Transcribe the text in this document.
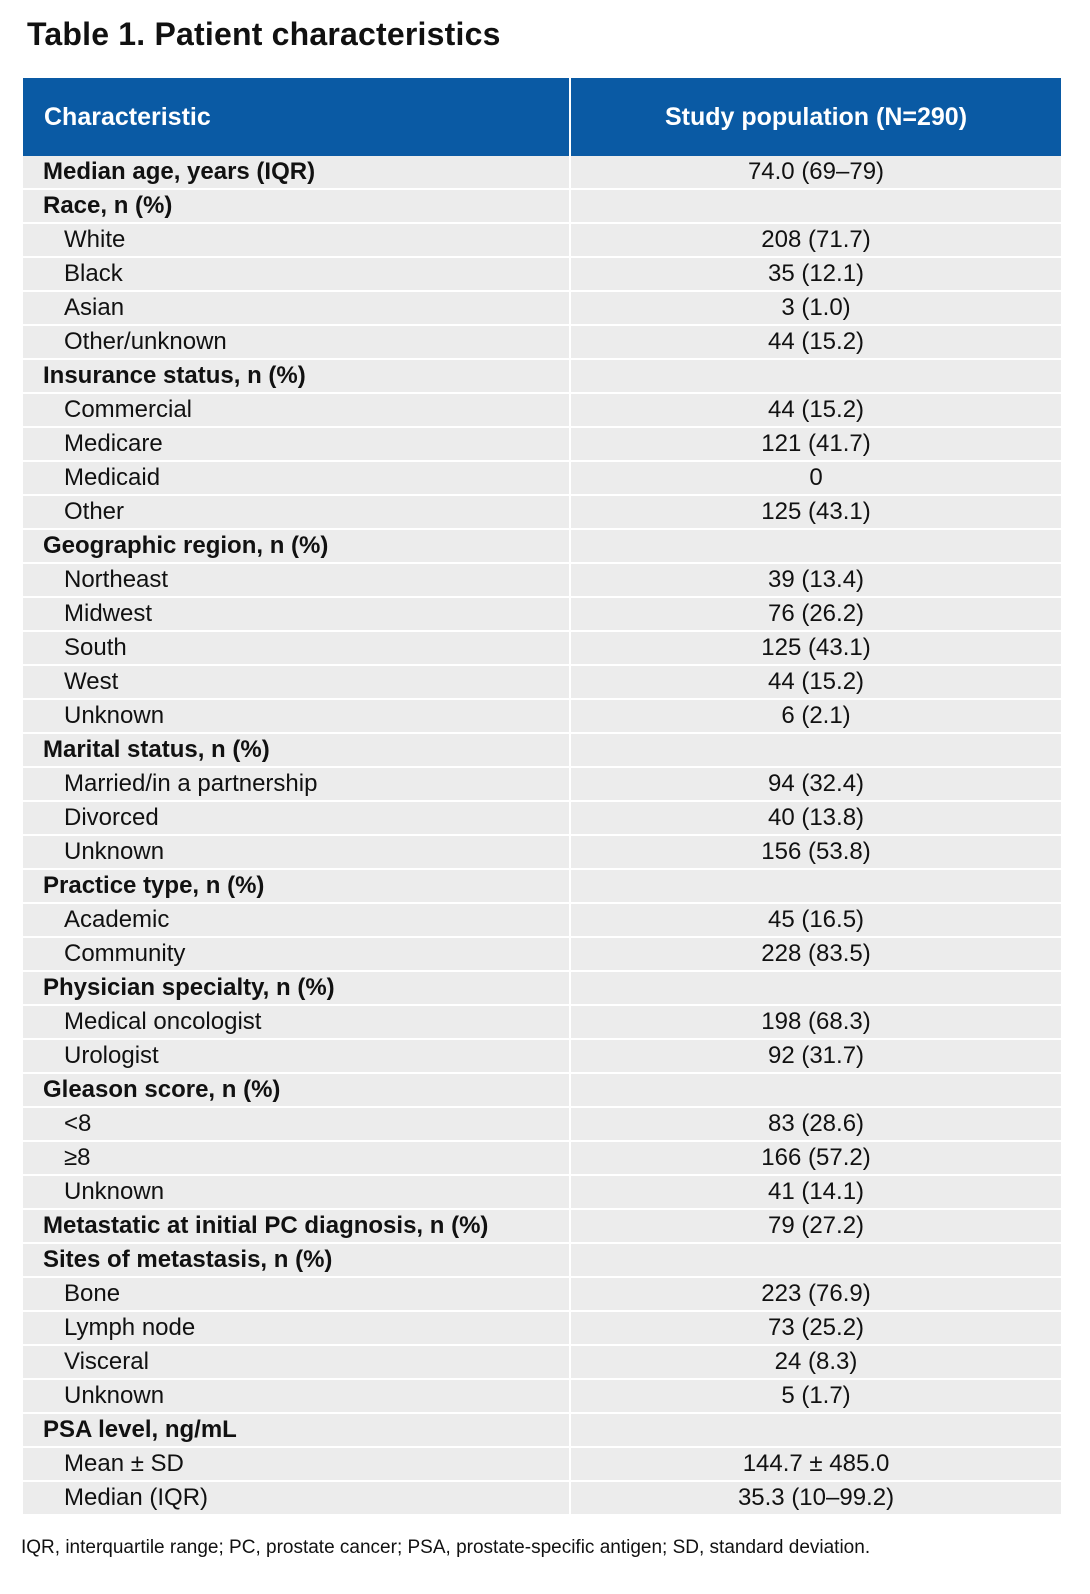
Table 1. Patient characteristics
Characteristic	Study population (N=290)
Median age, years (IQR)	74.0 (69–79)
Race, n (%)	
White	208 (71.7)
Black	35 (12.1)
Asian	3 (1.0)
Other/unknown	44 (15.2)
Insurance status, n (%)	
Commercial	44 (15.2)
Medicare	121 (41.7)
Medicaid	0
Other	125 (43.1)
Geographic region, n (%)	
Northeast	39 (13.4)
Midwest	76 (26.2)
South	125 (43.1)
West	44 (15.2)
Unknown	6 (2.1)
Marital status, n (%)	
Married/in a partnership	94 (32.4)
Divorced	40 (13.8)
Unknown	156 (53.8)
Practice type, n (%)	
Academic	45 (16.5)
Community	228 (83.5)
Physician specialty, n (%)	
Medical oncologist	198 (68.3)
Urologist	92 (31.7)
Gleason score, n (%)	
<8	83 (28.6)
≥8	166 (57.2)
Unknown	41 (14.1)
Metastatic at initial PC diagnosis, n (%)	79 (27.2)
Sites of metastasis, n (%)	
Bone	223 (76.9)
Lymph node	73 (25.2)
Visceral	24 (8.3)
Unknown	5 (1.7)
PSA level, ng/mL	
Mean ± SD	144.7 ± 485.0
Median (IQR)	35.3 (10–99.2)
IQR, interquartile range; PC, prostate cancer; PSA, prostate-specific antigen; SD, standard deviation.
